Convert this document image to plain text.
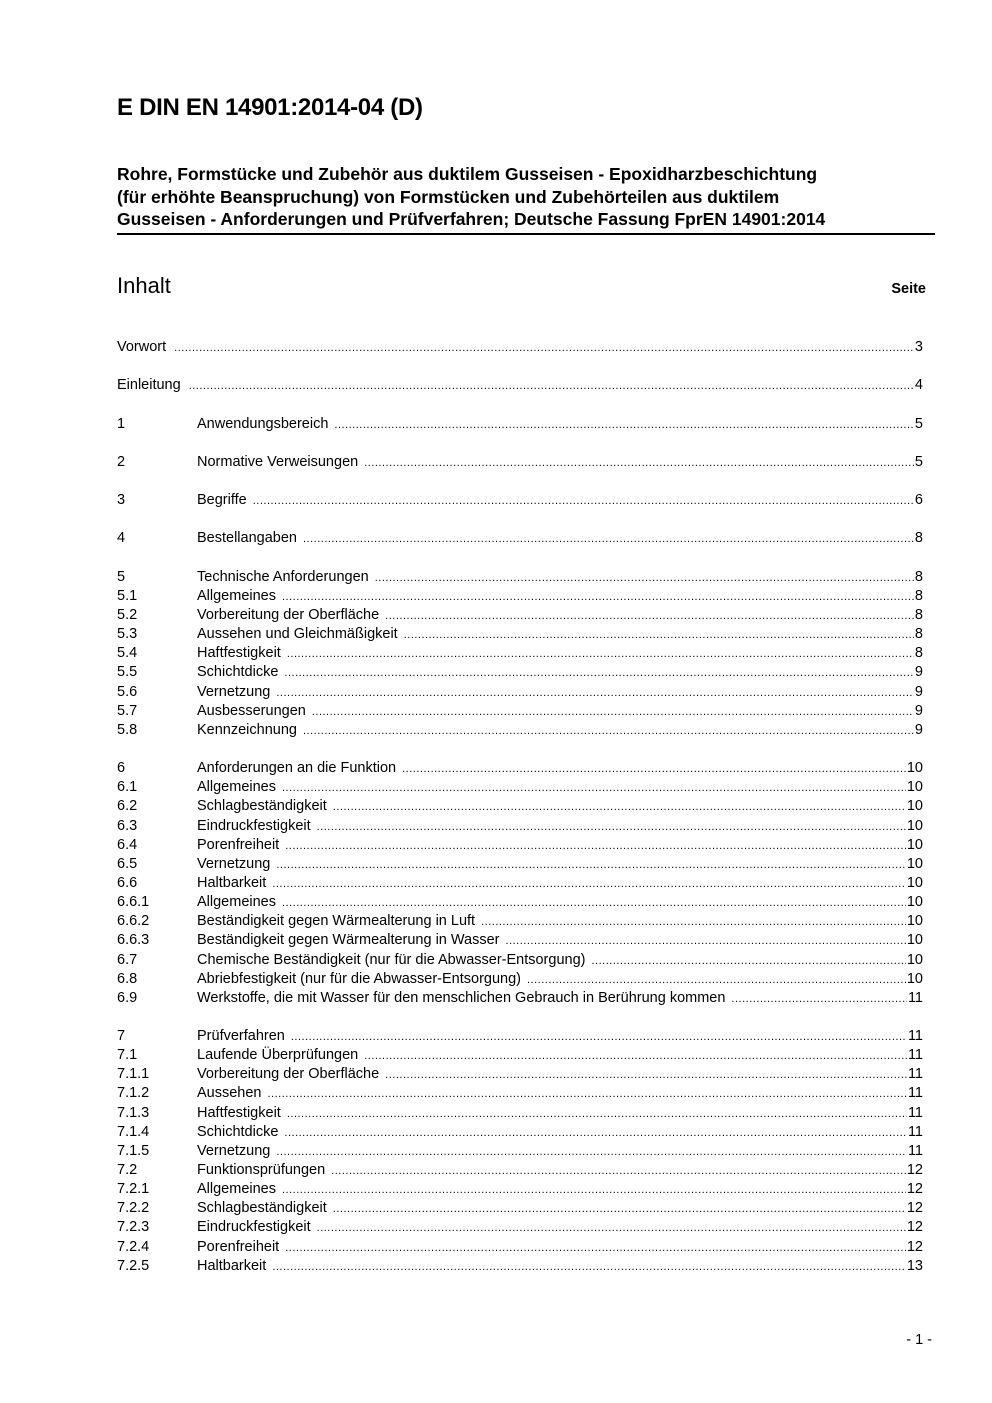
E DIN EN 14901:2014-04 (D)
Rohre, Formstücke und Zubehör aus duktilem Gusseisen - Epoxidharzbeschichtung
(für erhöhte Beanspruchung) von Formstücken und Zubehörteilen aus duktilem
Gusseisen - Anforderungen und Prüfverfahren; Deutsche Fassung FprEN 14901:2014
Inhalt	Seite
Vorwort .....	3
Einleitung .....	4
1	Anwendungsbereich .....	5
2	Normative Verweisungen .....	5
3	Begriffe .....	6
4	Bestellangaben .....	8
5	Technische Anforderungen .....	8
5.1	Allgemeines .....	8
5.2	Vorbereitung der Oberfläche .....	8
5.3	Aussehen und Gleichmäßigkeit .....	8
5.4	Haftfestigkeit .....	8
5.5	Schichtdicke .....	9
5.6	Vernetzung .....	9
5.7	Ausbesserungen .....	9
5.8	Kennzeichnung .....	9
6	Anforderungen an die Funktion .....	10
6.1	Allgemeines .....	10
6.2	Schlagbeständigkeit .....	10
6.3	Eindruckfestigkeit .....	10
6.4	Porenfreiheit .....	10
6.5	Vernetzung .....	10
6.6	Haltbarkeit .....	10
6.6.1	Allgemeines .....	10
6.6.2	Beständigkeit gegen Wärmealterung in Luft .....	10
6.6.3	Beständigkeit gegen Wärmealterung in Wasser .....	10
6.7	Chemische Beständigkeit (nur für die Abwasser-Entsorgung) .....	10
6.8	Abriebfestigkeit (nur für die Abwasser-Entsorgung) .....	10
6.9	Werkstoffe, die mit Wasser für den menschlichen Gebrauch in Berührung kommen .....	11
7	Prüfverfahren .....	11
7.1	Laufende Überprüfungen .....	11
7.1.1	Vorbereitung der Oberfläche .....	11
7.1.2	Aussehen .....	11
7.1.3	Haftfestigkeit .....	11
7.1.4	Schichtdicke .....	11
7.1.5	Vernetzung .....	11
7.2	Funktionsprüfungen .....	12
7.2.1	Allgemeines .....	12
7.2.2	Schlagbeständigkeit .....	12
7.2.3	Eindruckfestigkeit .....	12
7.2.4	Porenfreiheit .....	12
7.2.5	Haltbarkeit .....	13
- 1 -
